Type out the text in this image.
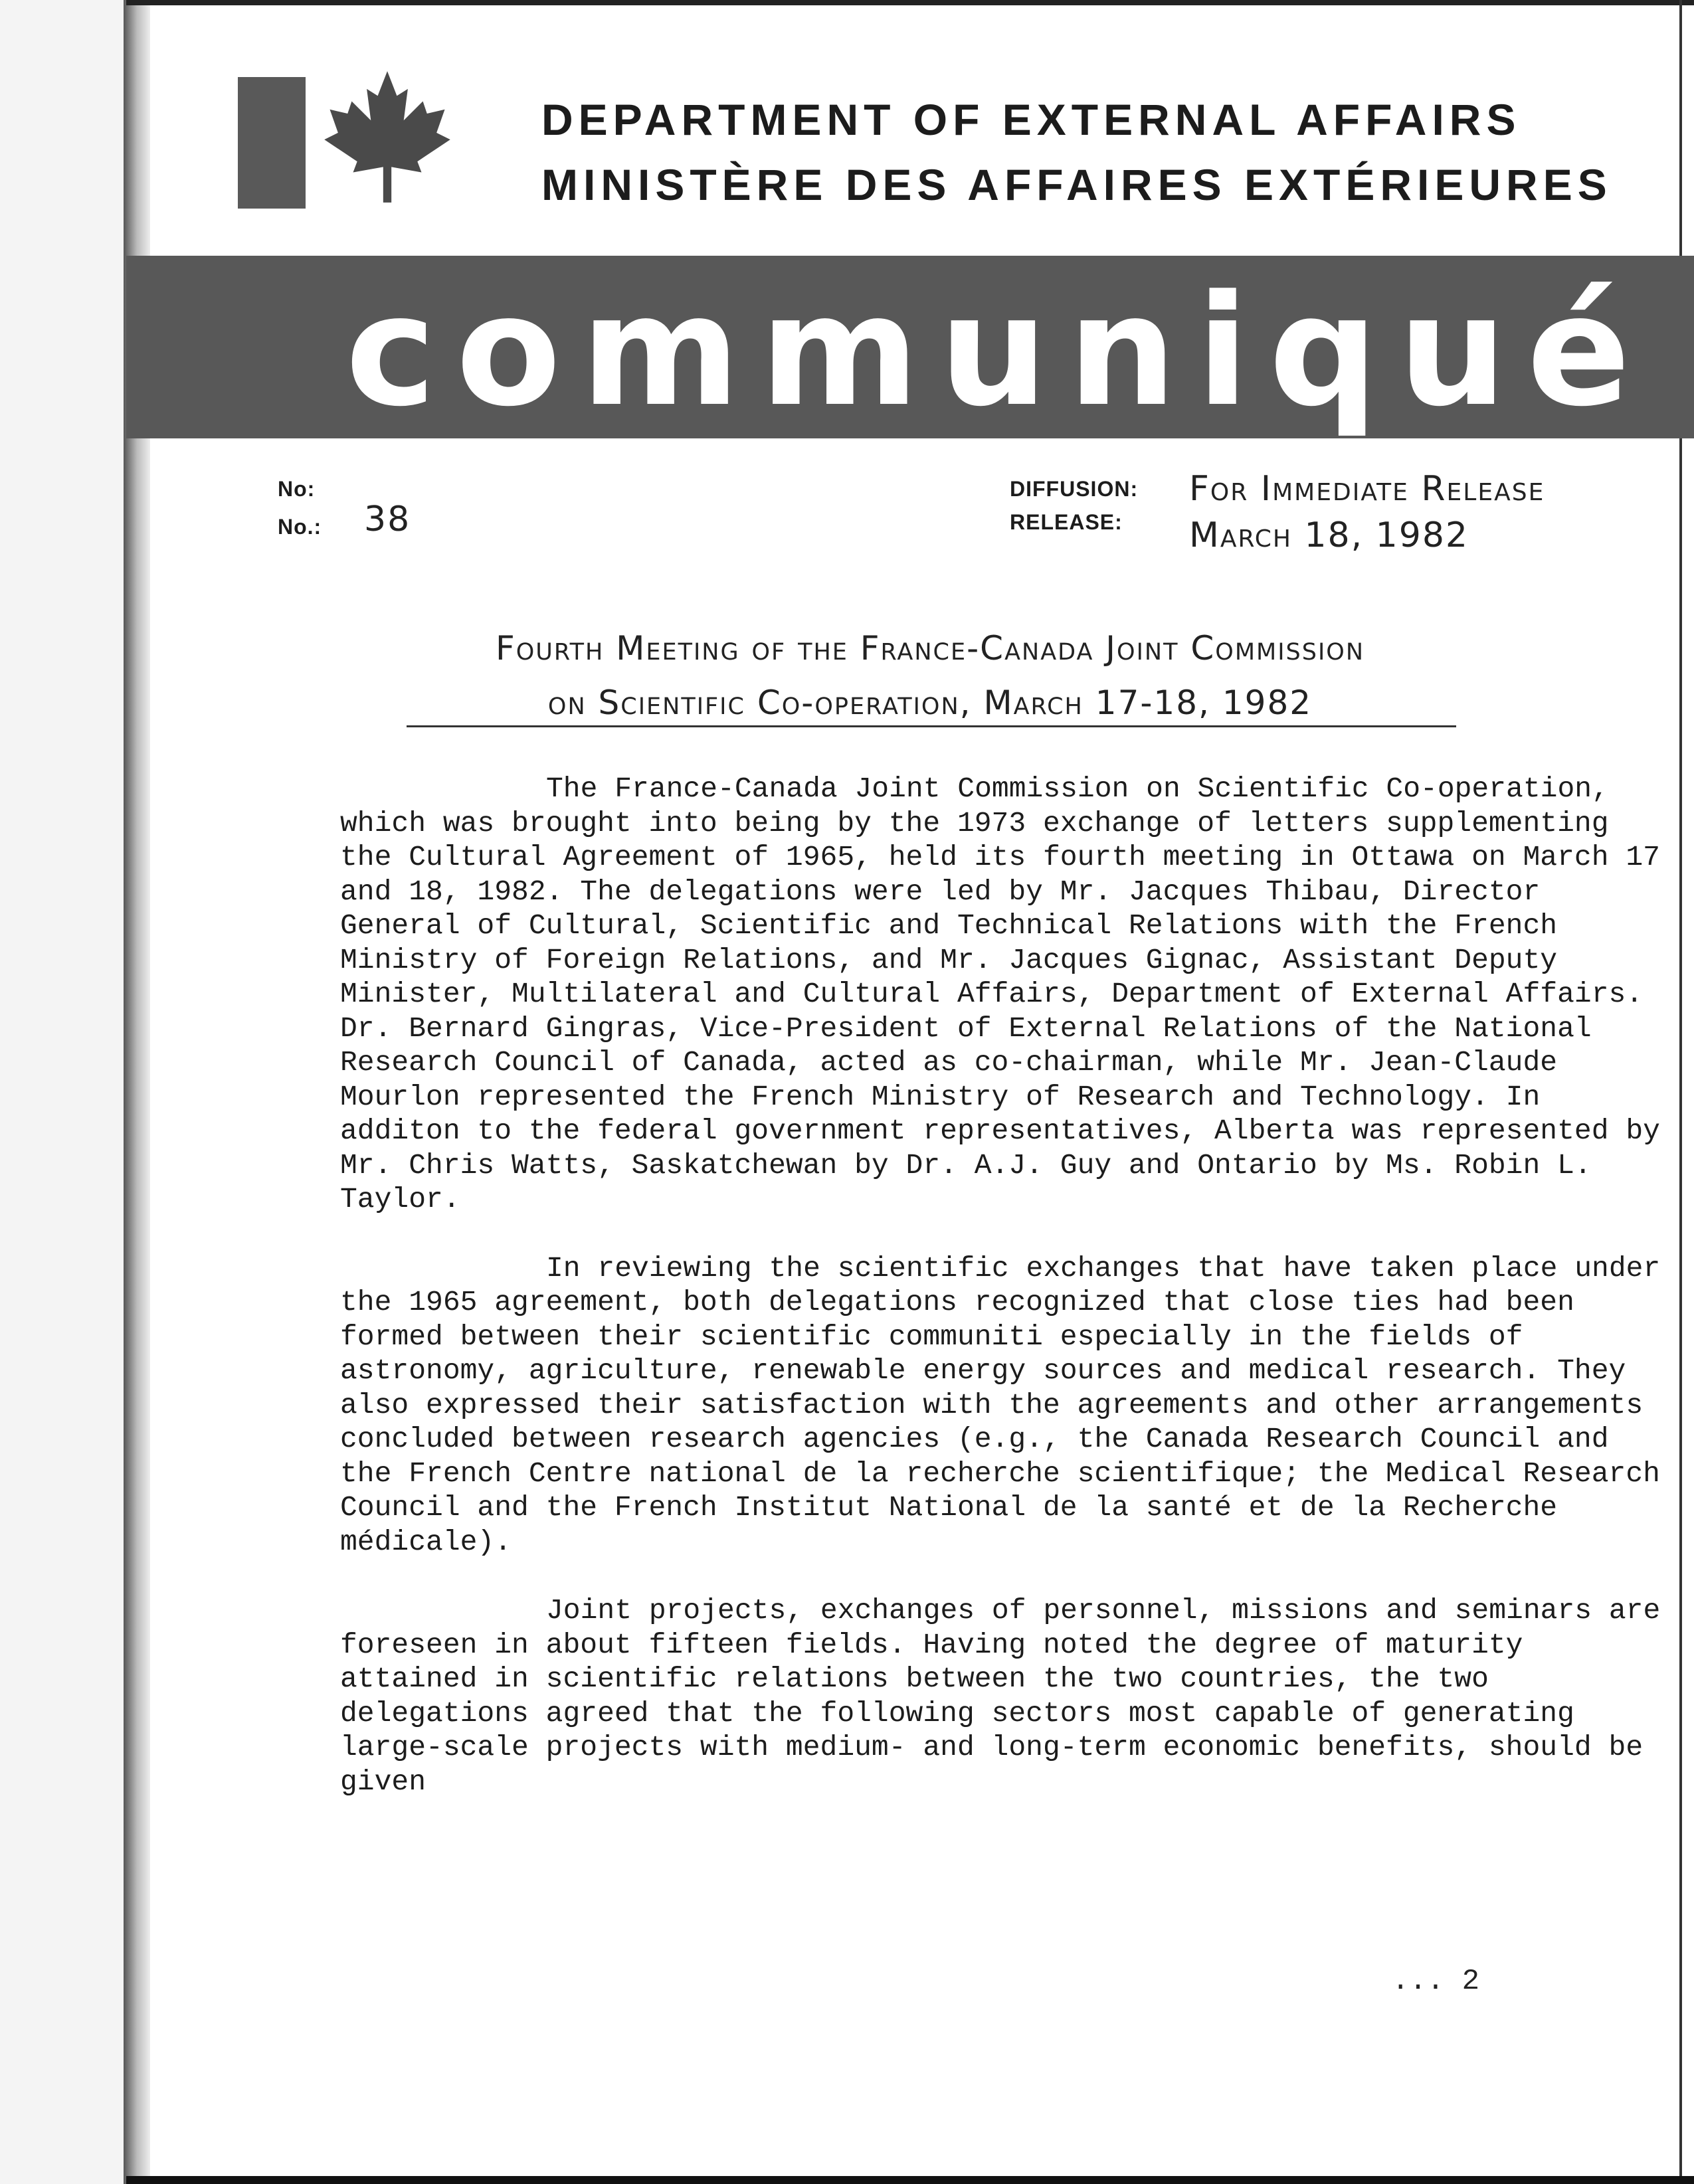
DEPARTMENT OF EXTERNAL AFFAIRS
MINISTÈRE DES AFFAIRES EXTÉRIEURES
communiqué
No:
No.: 38
DIFFUSION:
RELEASE:
For Immediate Release
March 18, 1982
Fourth Meeting of the France-Canada Joint Commission
on Scientific Co-operation, March 17-18, 1982

The France-Canada Joint Commission on Scientific Co-operation, which was brought into being by the 1973 exchange of letters supplementing the Cultural Agreement of 1965, held its fourth meeting in Ottawa on March 17 and 18, 1982. The delegations were led by Mr. Jacques Thibau, Director General of Cultural, Scientific and Technical Relations with the French Ministry of Foreign Relations, and Mr. Jacques Gignac, Assistant Deputy Minister, Multilateral and Cultural Affairs, Department of External Affairs. Dr. Bernard Gingras, Vice-President of External Relations of the National Research Council of Canada, acted as co-chairman, while Mr. Jean-Claude Mourlon represented the French Ministry of Research and Technology. In additon to the federal government representatives, Alberta was represented by Mr. Chris Watts, Saskatchewan by Dr. A.J. Guy and Ontario by Ms. Robin L. Taylor.

In reviewing the scientific exchanges that have taken place under the 1965 agreement, both delegations recognized that close ties had been formed between their scientific communiti especially in the fields of astronomy, agriculture, renewable energy sources and medical research. They also expressed their satisfaction with the agreements and other arrangements concluded between research agencies (e.g., the Canada Research Council and the French Centre national de la recherche scientifique; the Medical Research Council and the French Institut National de la santé et de la Recherche médicale).

Joint projects, exchanges of personnel, missions and seminars are foreseen in about fifteen fields. Having noted the degree of maturity attained in scientific relations between the two countries, the two delegations agreed that the following sectors most capable of generating large-scale projects with medium- and long-term economic benefits, should be given

... 2
